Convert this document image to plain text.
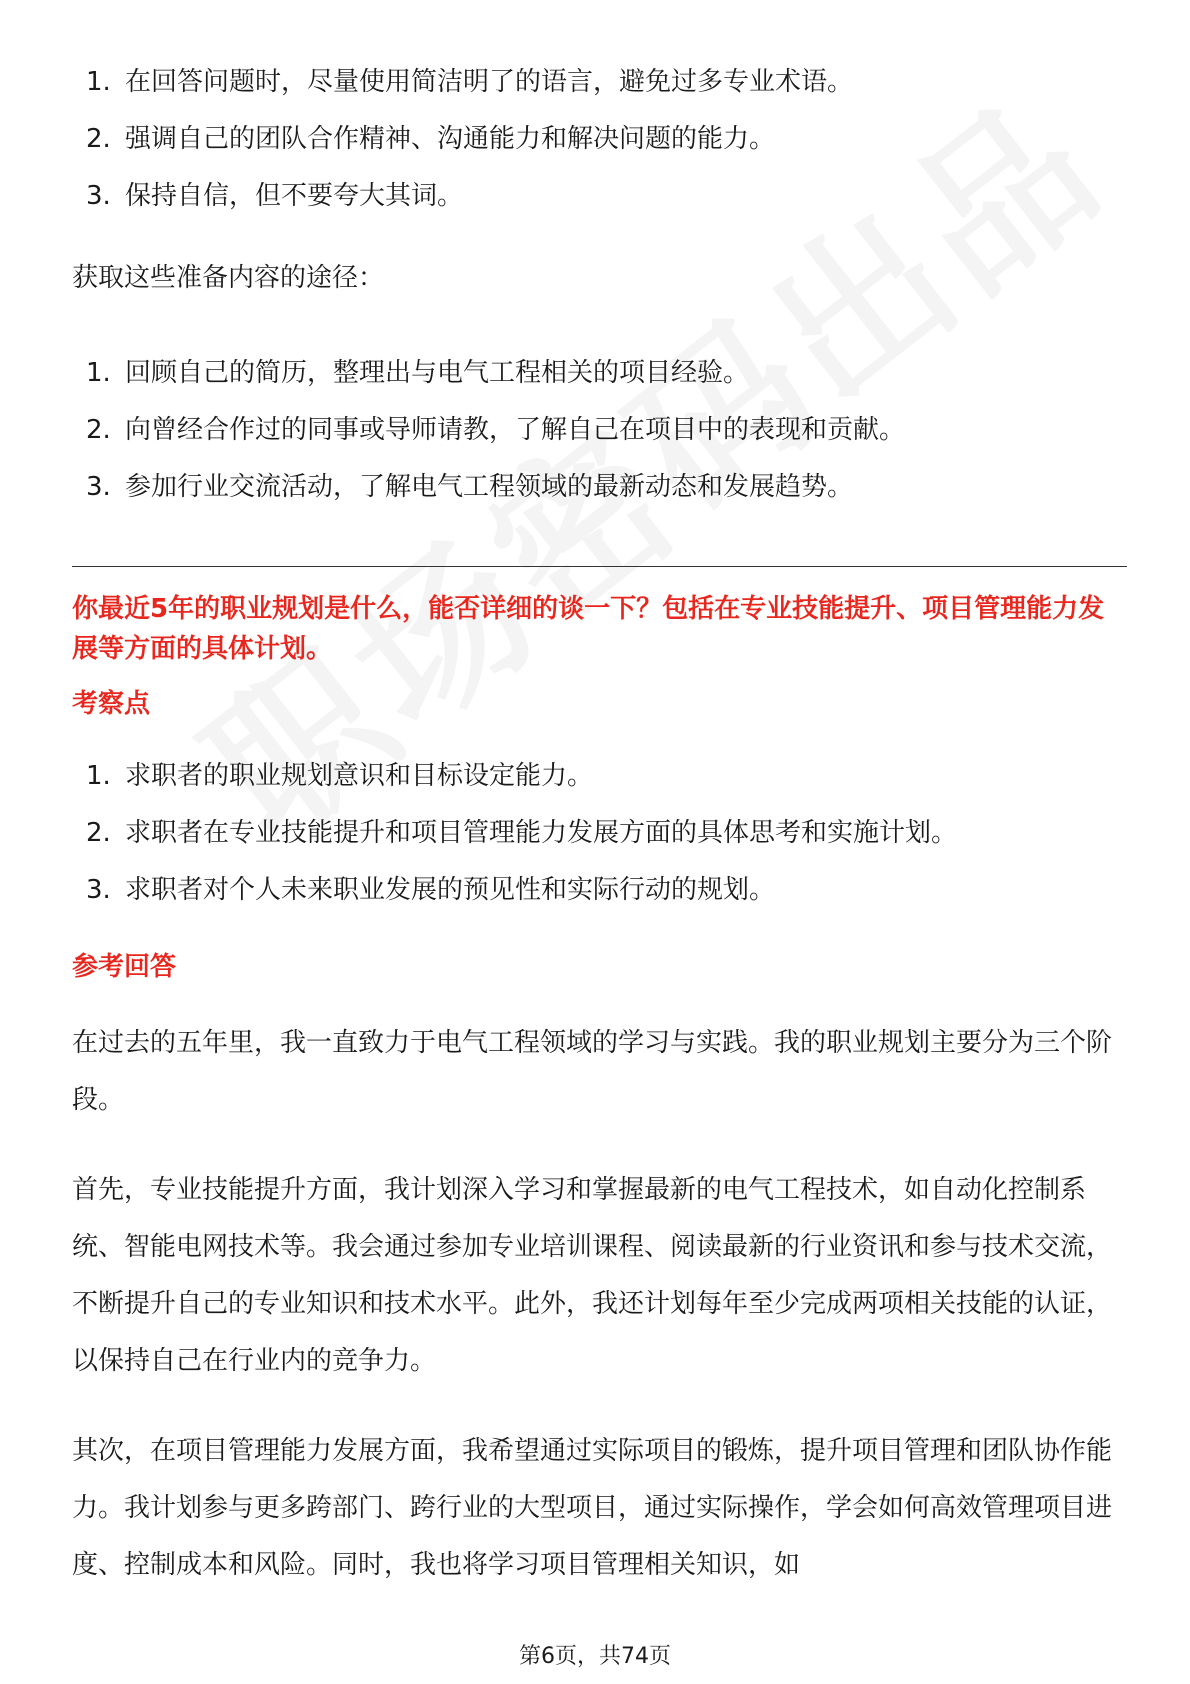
1. 在回答问题时，尽量使用简洁明了的语言，避免过多专业术语。
2. 强调自己的团队合作精神、沟通能力和解决问题的能力。
3. 保持自信，但不要夸大其词。

获取这些准备内容的途径：

1. 回顾自己的简历，整理出与电气工程相关的项目经验。
2. 向曾经合作过的同事或导师请教，了解自己在项目中的表现和贡献。
3. 参加行业交流活动，了解电气工程领域的最新动态和发展趋势。

你最近5年的职业规划是什么，能否详细的谈一下？包括在专业技能提升、项目管理能力发展等方面的具体计划。

考察点

1. 求职者的职业规划意识和目标设定能力。
2. 求职者在专业技能提升和项目管理能力发展方面的具体思考和实施计划。
3. 求职者对个人未来职业发展的预见性和实际行动的规划。

参考回答

在过去的五年里，我一直致力于电气工程领域的学习与实践。我的职业规划主要分为三个阶段。

首先，专业技能提升方面，我计划深入学习和掌握最新的电气工程技术，如自动化控制系统、智能电网技术等。我会通过参加专业培训课程、阅读最新的行业资讯和参与技术交流，不断提升自己的专业知识和技术水平。此外，我还计划每年至少完成两项相关技能的认证，以保持自己在行业内的竞争力。

其次，在项目管理能力发展方面，我希望通过实际项目的锻炼，提升项目管理和团队协作能力。我计划参与更多跨部门、跨行业的大型项目，通过实际操作，学会如何高效管理项目进度、控制成本和风险。同时，我也将学习项目管理相关知识，如

第6页，共74页
